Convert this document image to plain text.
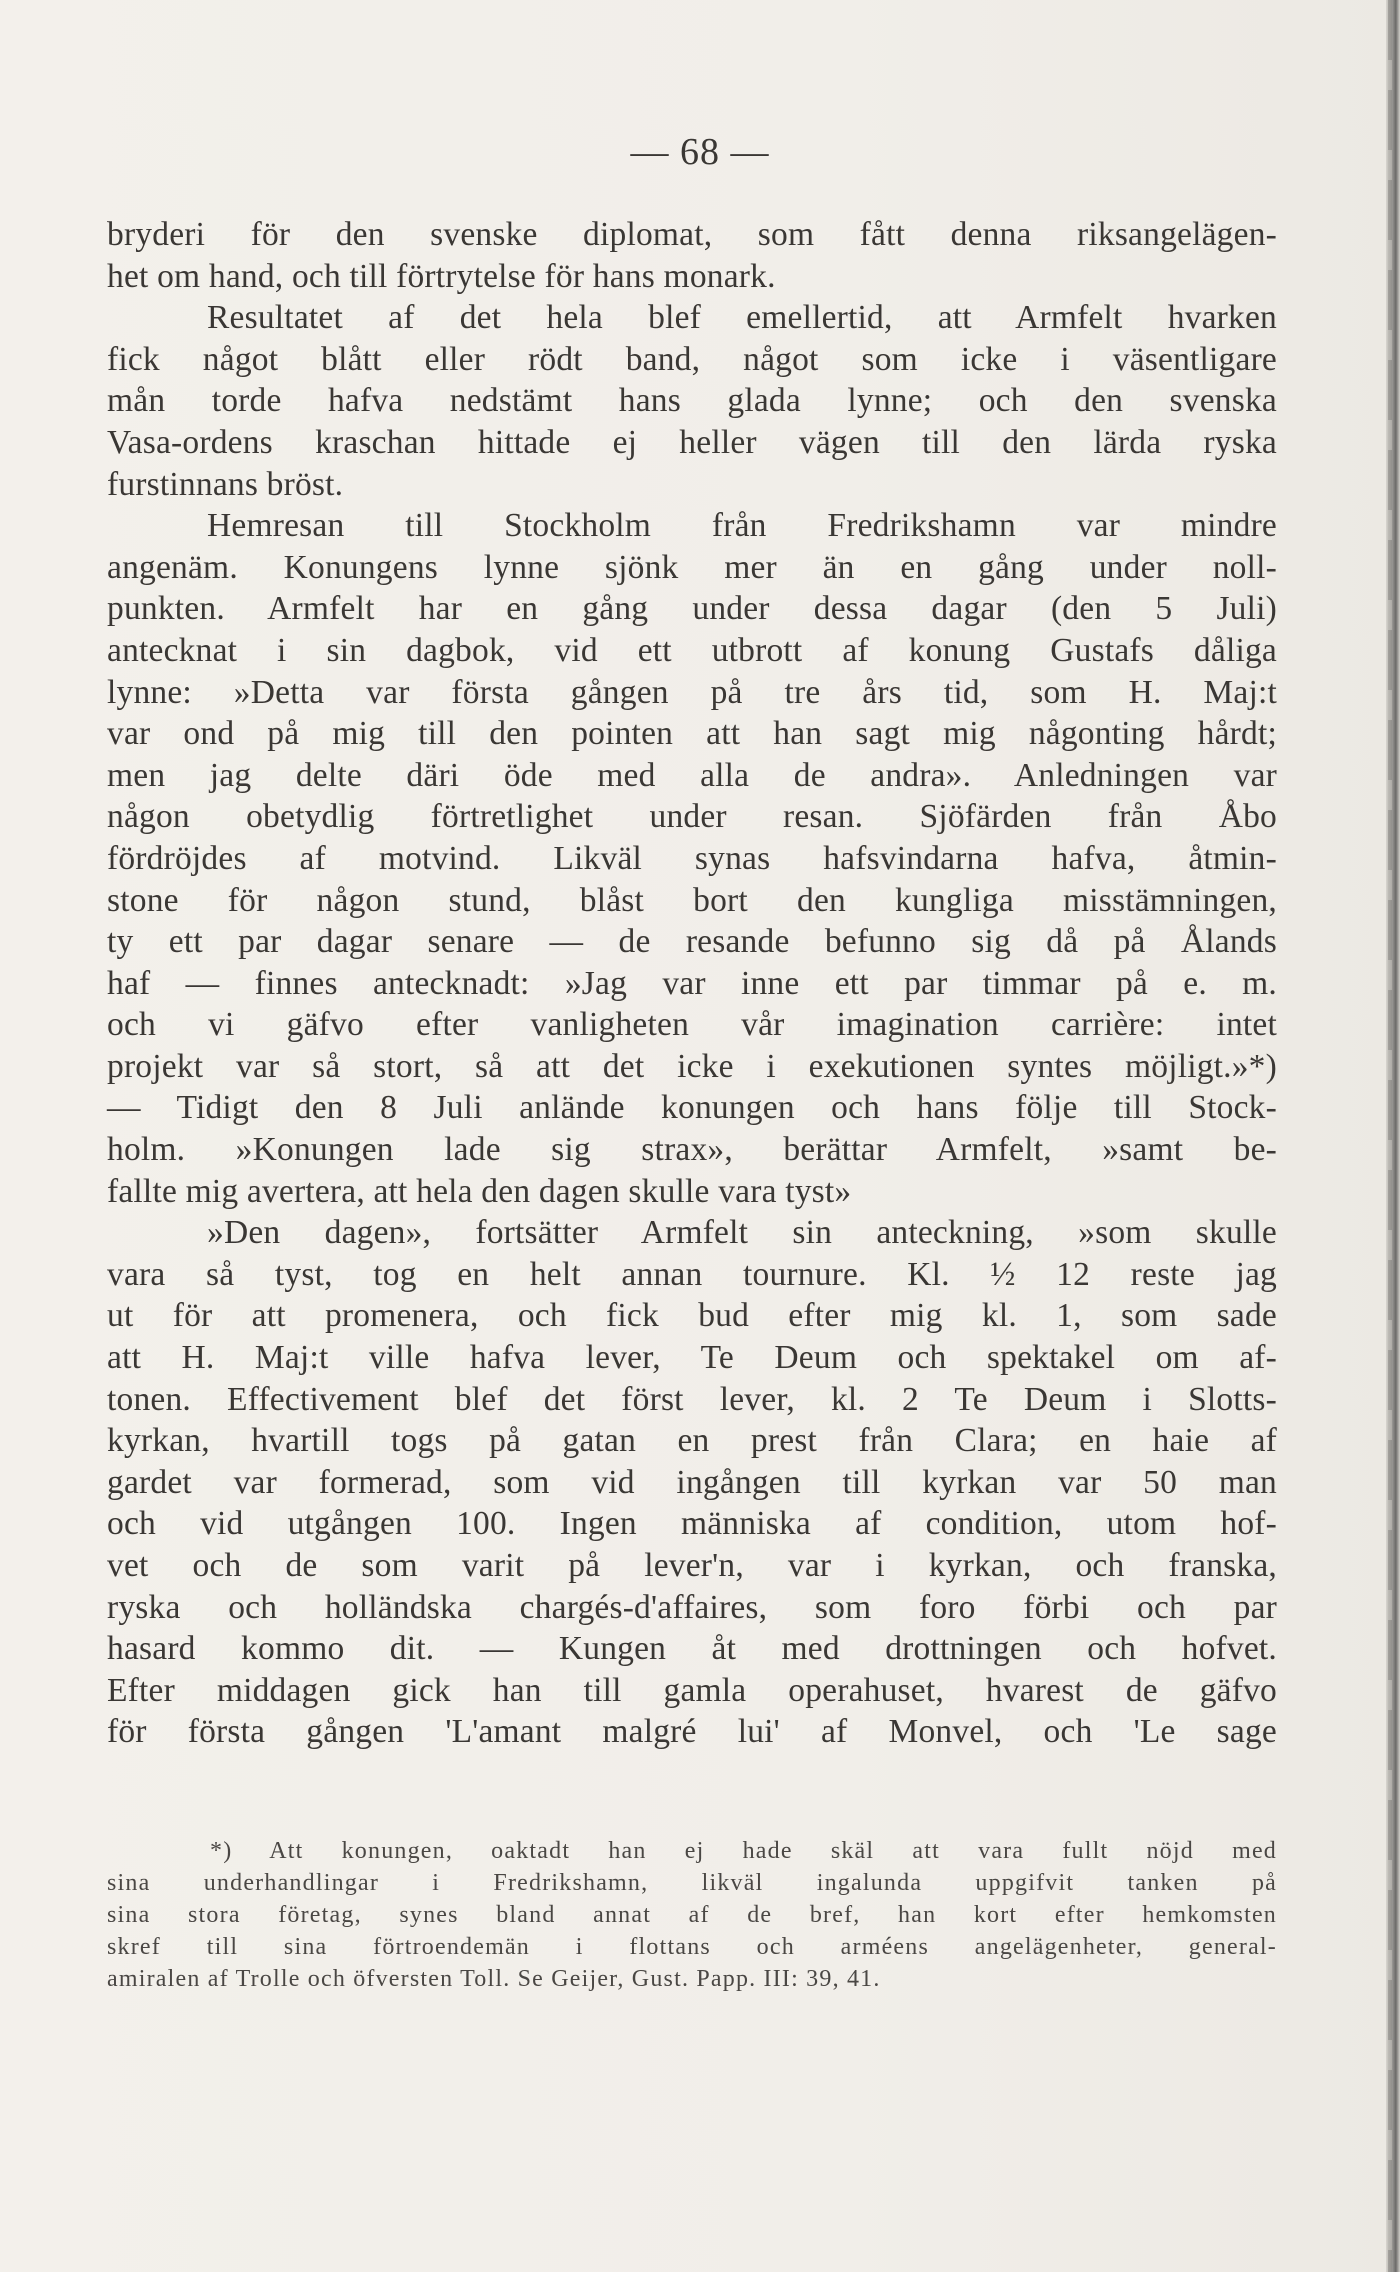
— 68 —
bryderi för den svenske diplomat, som fått denna riksangelägen-
het om hand, och till förtrytelse för hans monark.
Resultatet af det hela blef emellertid, att Armfelt hvarken
fick något blått eller rödt band, något som icke i väsentligare
mån torde hafva nedstämt hans glada lynne; och den svenska
Vasa-ordens kraschan hittade ej heller vägen till den lärda ryska
furstinnans bröst.
Hemresan till Stockholm från Fredrikshamn var mindre
angenäm. Konungens lynne sjönk mer än en gång under noll-
punkten. Armfelt har en gång under dessa dagar (den 5 Juli)
antecknat i sin dagbok, vid ett utbrott af konung Gustafs dåliga
lynne: »Detta var första gången på tre års tid, som H. Maj:t
var ond på mig till den pointen att han sagt mig någonting hårdt;
men jag delte däri öde med alla de andra». Anledningen var
någon obetydlig förtretlighet under resan. Sjöfärden från Åbo
fördröjdes af motvind. Likväl synas hafsvindarna hafva, åtmin-
stone för någon stund, blåst bort den kungliga misstämningen,
ty ett par dagar senare — de resande befunno sig då på Ålands
haf — finnes antecknadt: »Jag var inne ett par timmar på e. m.
och vi gäfvo efter vanligheten vår imagination carrière: intet
projekt var så stort, så att det icke i exekutionen syntes möjligt.»*)
— Tidigt den 8 Juli anlände konungen och hans följe till Stock-
holm. »Konungen lade sig strax», berättar Armfelt, »samt be-
fallte mig avertera, att hela den dagen skulle vara tyst»
»Den dagen», fortsätter Armfelt sin anteckning, »som skulle
vara så tyst, tog en helt annan tournure. Kl. ½ 12 reste jag
ut för att promenera, och fick bud efter mig kl. 1, som sade
att H. Maj:t ville hafva lever, Te Deum och spektakel om af-
tonen. Effectivement blef det först lever, kl. 2 Te Deum i Slotts-
kyrkan, hvartill togs på gatan en prest från Clara; en haie af
gardet var formerad, som vid ingången till kyrkan var 50 man
och vid utgången 100. Ingen människa af condition, utom hof-
vet och de som varit på lever'n, var i kyrkan, och franska,
ryska och holländska chargés-d'affaires, som foro förbi och par
hasard kommo dit. — Kungen åt med drottningen och hofvet.
Efter middagen gick han till gamla operahuset, hvarest de gäfvo
för första gången 'L'amant malgré lui' af Monvel, och 'Le sage
*) Att konungen, oaktadt han ej hade skäl att vara fullt nöjd med
sina underhandlingar i Fredrikshamn, likväl ingalunda uppgifvit tanken på
sina stora företag, synes bland annat af de bref, han kort efter hemkomsten
skref till sina förtroendemän i flottans och arméens angelägenheter, general-
amiralen af Trolle och öfversten Toll. Se Geijer, Gust. Papp. III: 39, 41.
